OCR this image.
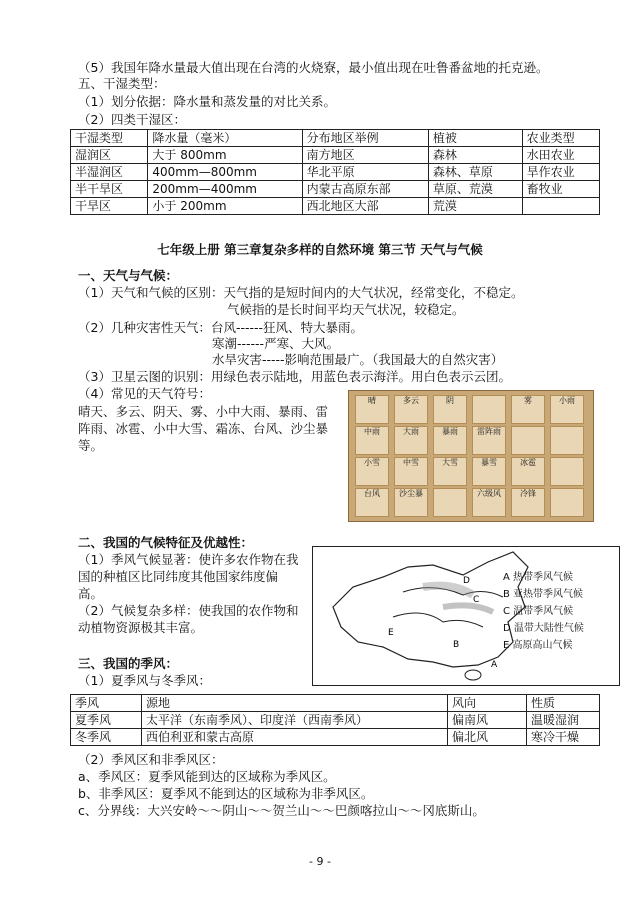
（5）我国年降水量最大值出现在台湾的火烧寮，最小值出现在吐鲁番盆地的托克逊。
五、干湿类型：
（1）划分依据：降水量和蒸发量的对比关系。
（2）四类干湿区：
干湿类型	降水量（毫米）	分布地区举例	植被	农业类型
湿润区	大于 800mm	南方地区	森林	水田农业
半湿润区	400mm—800mm	华北平原	森林、草原	旱作农业
半干旱区	200mm—400mm	内蒙古高原东部	草原、荒漠	畜牧业
干旱区	小于 200mm	西北地区大部	荒漠	
七年级上册 第三章复杂多样的自然环境 第三节 天气与气候
一、天气与气候：
（1）天气和气候的区别：天气指的是短时间内的大气状况，经常变化，不稳定。
气候指的是长时间平均天气状况，较稳定。
（2）几种灾害性天气：台风------狂风、特大暴雨。
寒潮------严寒、大风。
水旱灾害-----影响范围最广。（我国最大的自然灾害）
（3）卫星云图的识别：用绿色表示陆地，用蓝色表示海洋。用白色表示云团。
（4）常见的天气符号：
晴天、多云、阴天、雾、小中大雨、暴雨、雷
阵雨、冰雹、小中大雪、霜冻、台风、沙尘暴
等。
晴	多云	阴	雾	小雨
中雨	大雨	暴雨	雷阵雨
小雪	中雪	大雪	暴雪	冰雹
台风	沙尘暴	六级风	冷锋
二、我国的气候特征及优越性：
（1）季风气候显著：使许多农作物在我
国的种植区比同纬度其他国家纬度偏
高。
（2）气候复杂多样：使我国的农作物和
动植物资源极其丰富。
D
C
E
B
A
A 热带季风气候
B 亚热带季风气候
C 温带季风气候
D 温带大陆性气候
E 高原高山气候
三、我国的季风：
（1）夏季风与冬季风：
季风	源地	风向	性质
夏季风	太平洋（东南季风）、印度洋（西南季风）	偏南风	温暖湿润
冬季风	西伯利亚和蒙古高原	偏北风	寒冷干燥
（2）季风区和非季风区：
a、季风区：夏季风能到达的区域称为季风区。
b、非季风区：夏季风不能到达的区域称为非季风区。
c、分界线：大兴安岭～～阴山～～贺兰山～～巴颜喀拉山～～冈底斯山。
- 9 -
